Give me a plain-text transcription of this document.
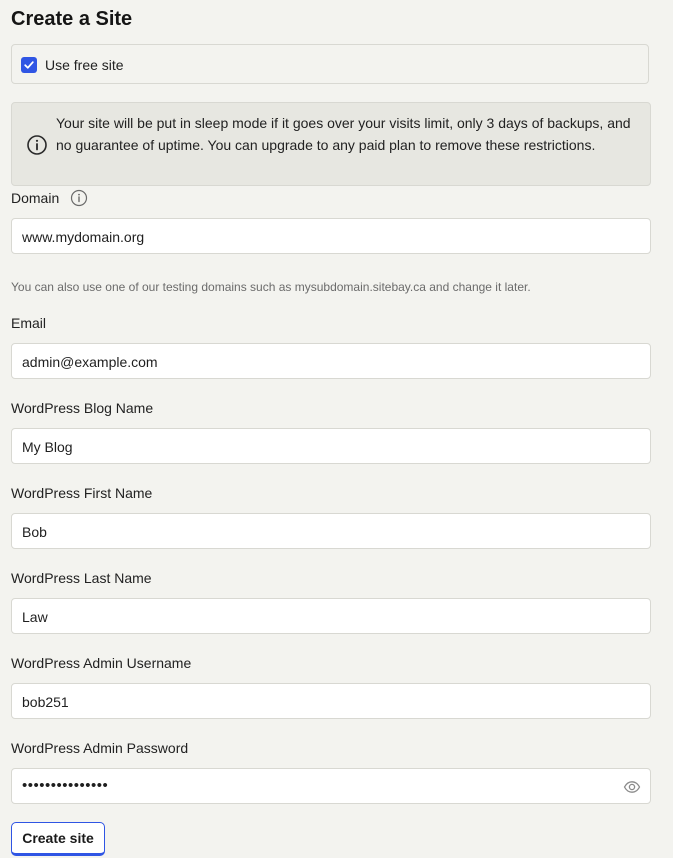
Create a Site
Use free site
Your site will be put in sleep mode if it goes over your visits limit, only 3 days of backups, and no guarantee of uptime. You can upgrade to any paid plan to remove these restrictions.
Domain
www.mydomain.org
You can also use one of our testing domains such as mysubdomain.sitebay.ca and change it later.
Email
admin@example.com
WordPress Blog Name
My Blog
WordPress First Name
Bob
WordPress Last Name
Law
WordPress Admin Username
bob251
WordPress Admin Password
•••••••••••••••
Create site
